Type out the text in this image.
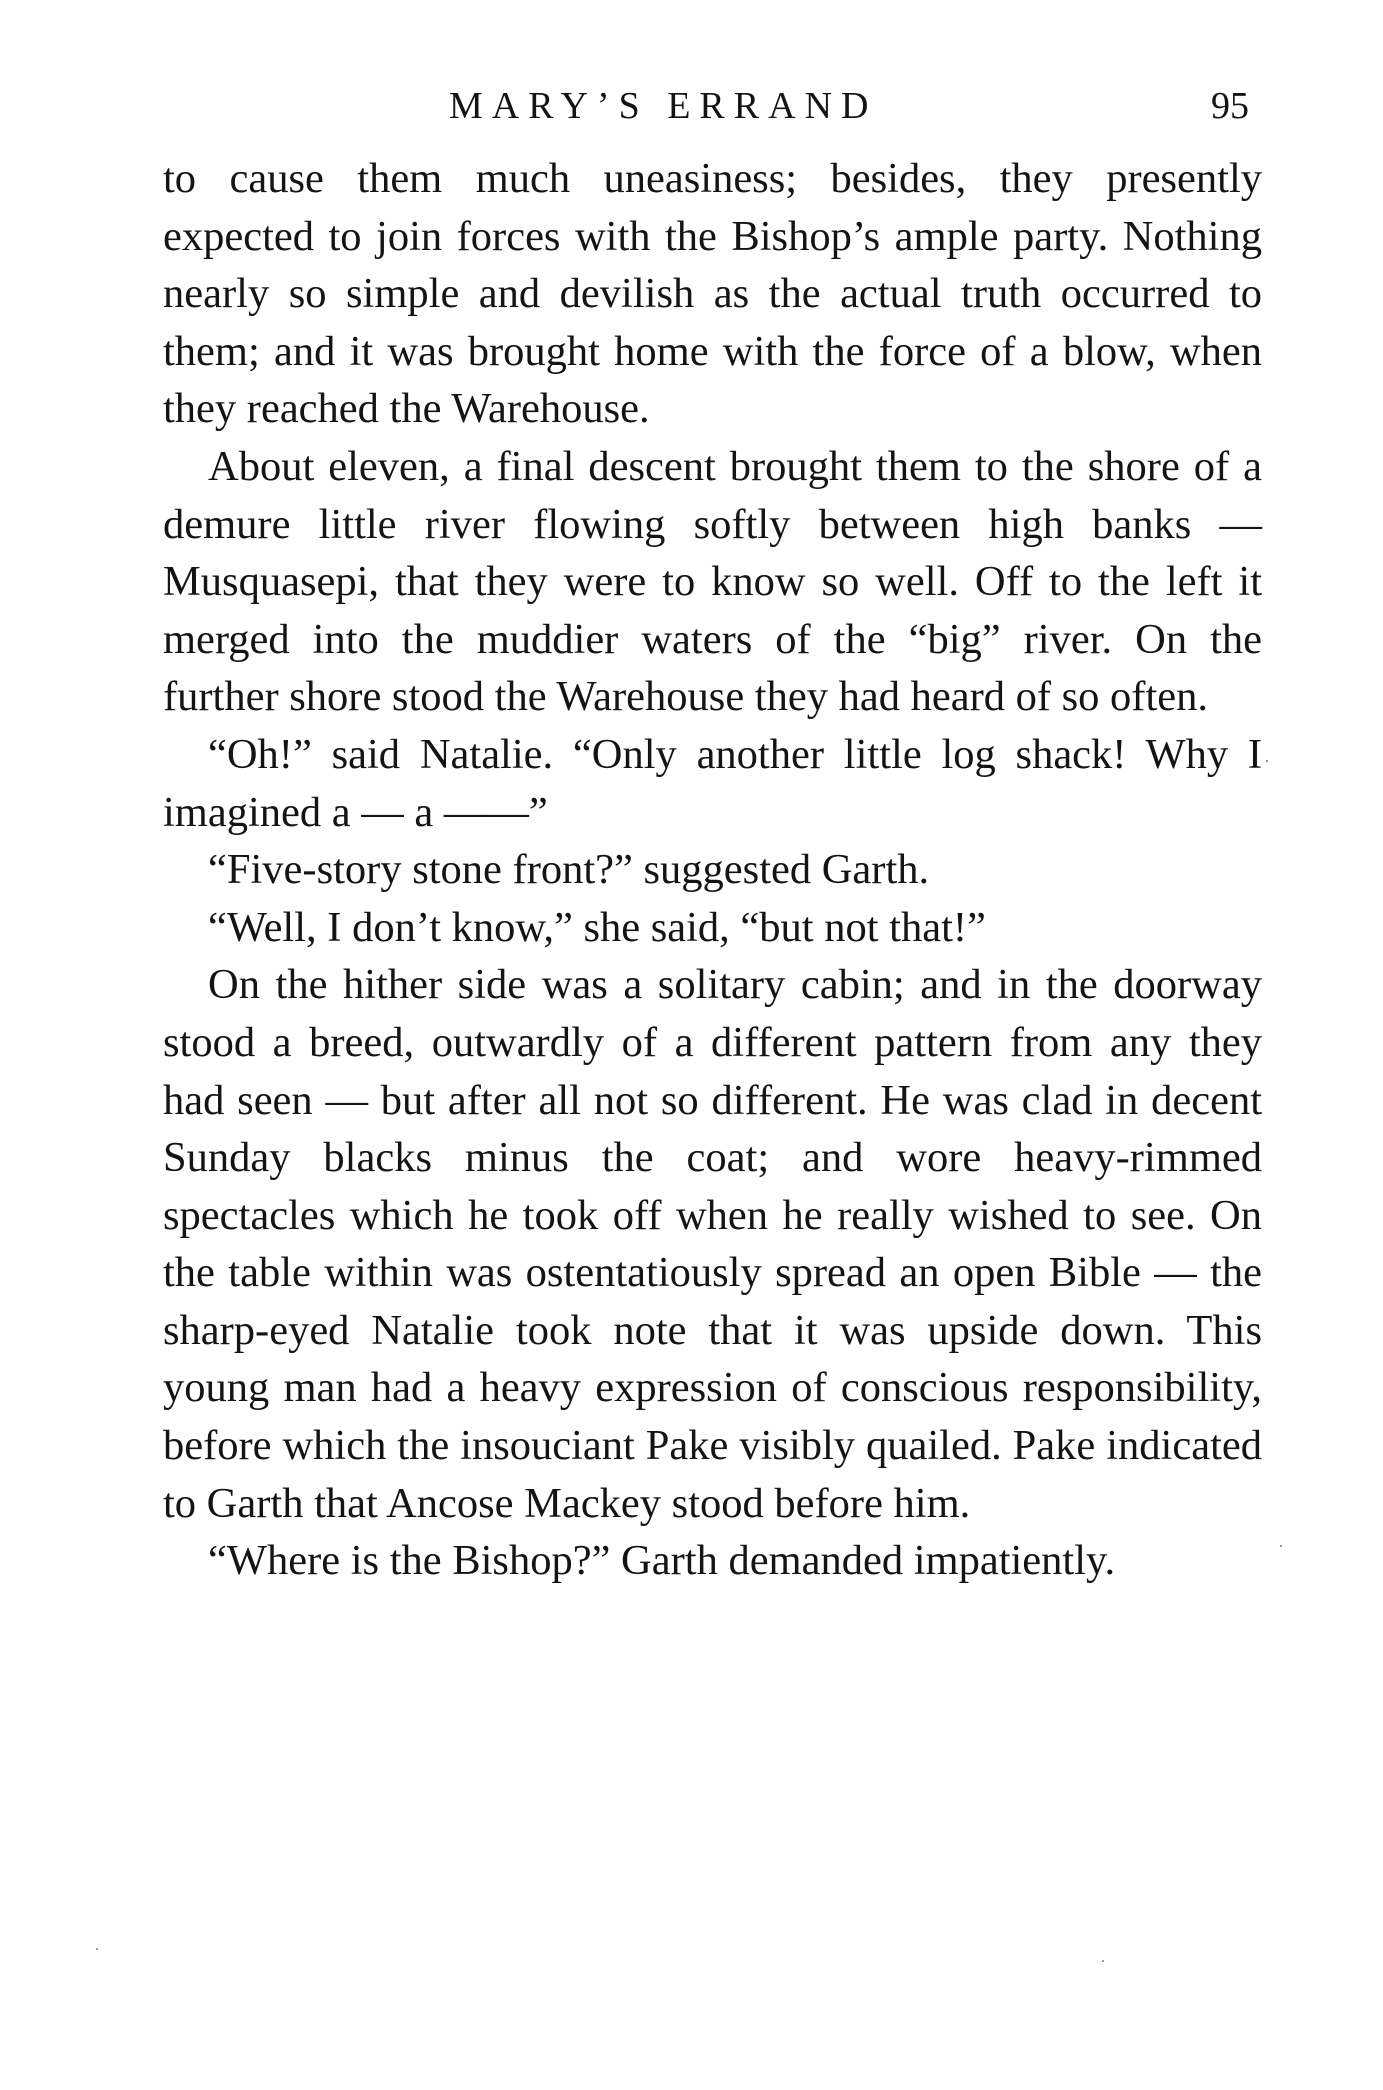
MARY’S ERRAND	95

to cause them much uneasiness; besides, they presently expected to join forces with the Bishop’s ample party. Nothing nearly so simple and devilish as the actual truth occurred to them; and it was brought home with the force of a blow, when they reached the Warehouse.

About eleven, a final descent brought them to the shore of a demure little river flowing softly between high banks — Musquasepi, that they were to know so well. Off to the left it merged into the muddier waters of the “big” river. On the further shore stood the Warehouse they had heard of so often.

“Oh!” said Natalie. “Only another little log shack! Why I imagined a — a ——”

“Five-story stone front?” suggested Garth.

“Well, I don’t know,” she said, “but not that!”

On the hither side was a solitary cabin; and in the doorway stood a breed, outwardly of a different pattern from any they had seen — but after all not so different. He was clad in decent Sunday blacks minus the coat; and wore heavy-rimmed spectacles which he took off when he really wished to see. On the table within was ostentatiously spread an open Bible — the sharp-eyed Natalie took note that it was upside down. This young man had a heavy expression of conscious responsibility, before which the insouciant Pake visibly quailed. Pake indicated to Garth that Ancose Mackey stood before him.

“Where is the Bishop?” Garth demanded impatiently.
